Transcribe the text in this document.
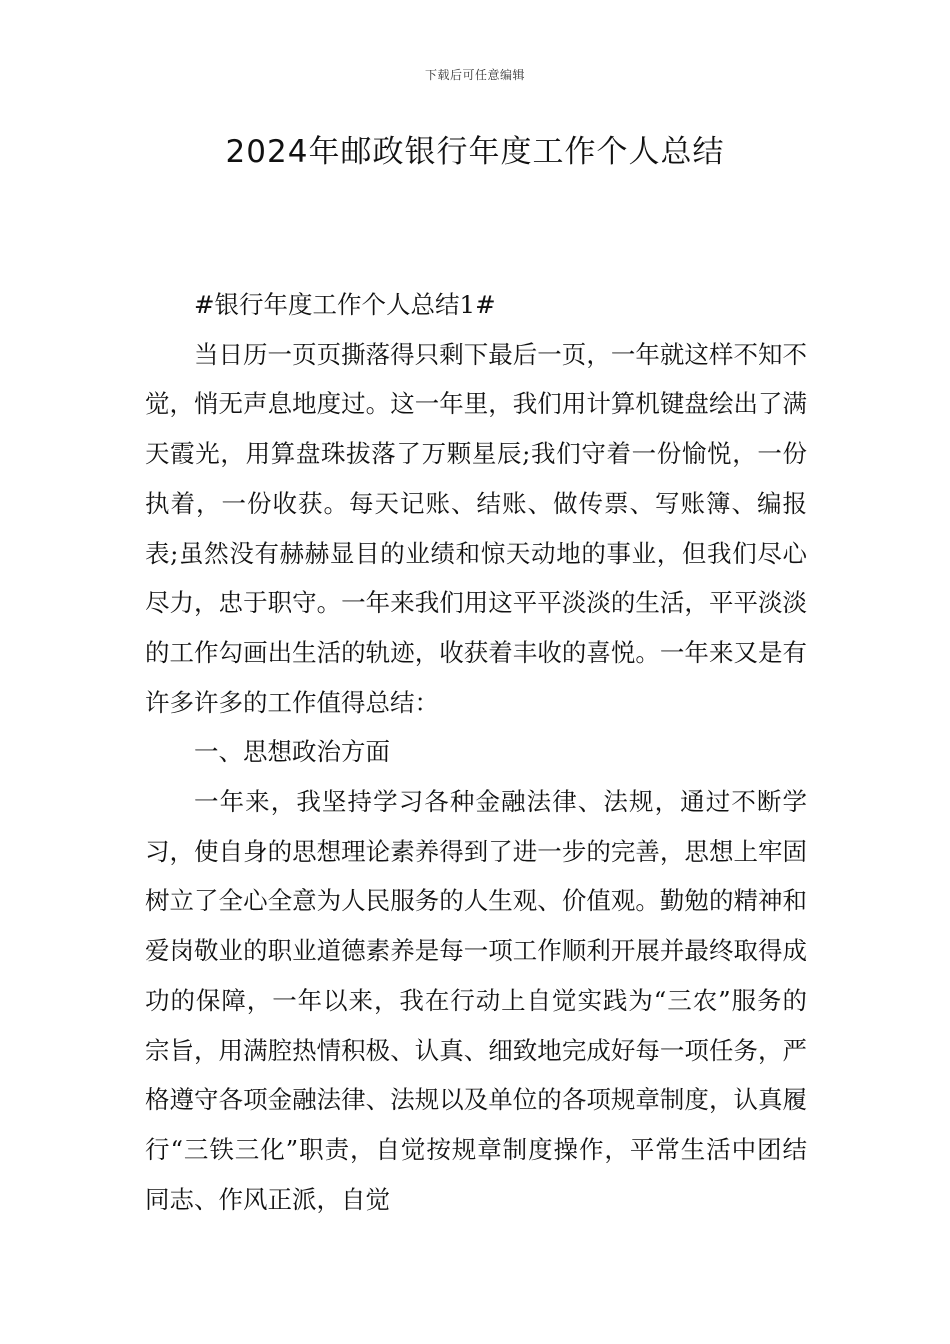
下载后可任意编辑
2024年邮政银行年度工作个人总结

#银行年度工作个人总结1#

当日历一页页撕落得只剩下最后一页，一年就这样不知不觉，悄无声息地度过。这一年里，我们用计算机键盘绘出了满天霞光，用算盘珠拔落了万颗星辰;我们守着一份愉悦，一份执着，一份收获。每天记账、结账、做传票、写账簿、编报表;虽然没有赫赫显目的业绩和惊天动地的事业，但我们尽心尽力，忠于职守。一年来我们用这平平淡淡的生活，平平淡淡的工作勾画出生活的轨迹，收获着丰收的喜悦。一年来又是有许多许多的工作值得总结：

一、思想政治方面

一年来，我坚持学习各种金融法律、法规，通过不断学习，使自身的思想理论素养得到了进一步的完善，思想上牢固树立了全心全意为人民服务的人生观、价值观。勤勉的精神和爱岗敬业的职业道德素养是每一项工作顺利开展并最终取得成功的保障，一年以来，我在行动上自觉实践为“三农”服务的宗旨，用满腔热情积极、认真、细致地完成好每一项任务，严格遵守各项金融法律、法规以及单位的各项规章制度，认真履行“三铁三化”职责，自觉按规章制度操作，平常生活中团结同志、作风正派，自觉
